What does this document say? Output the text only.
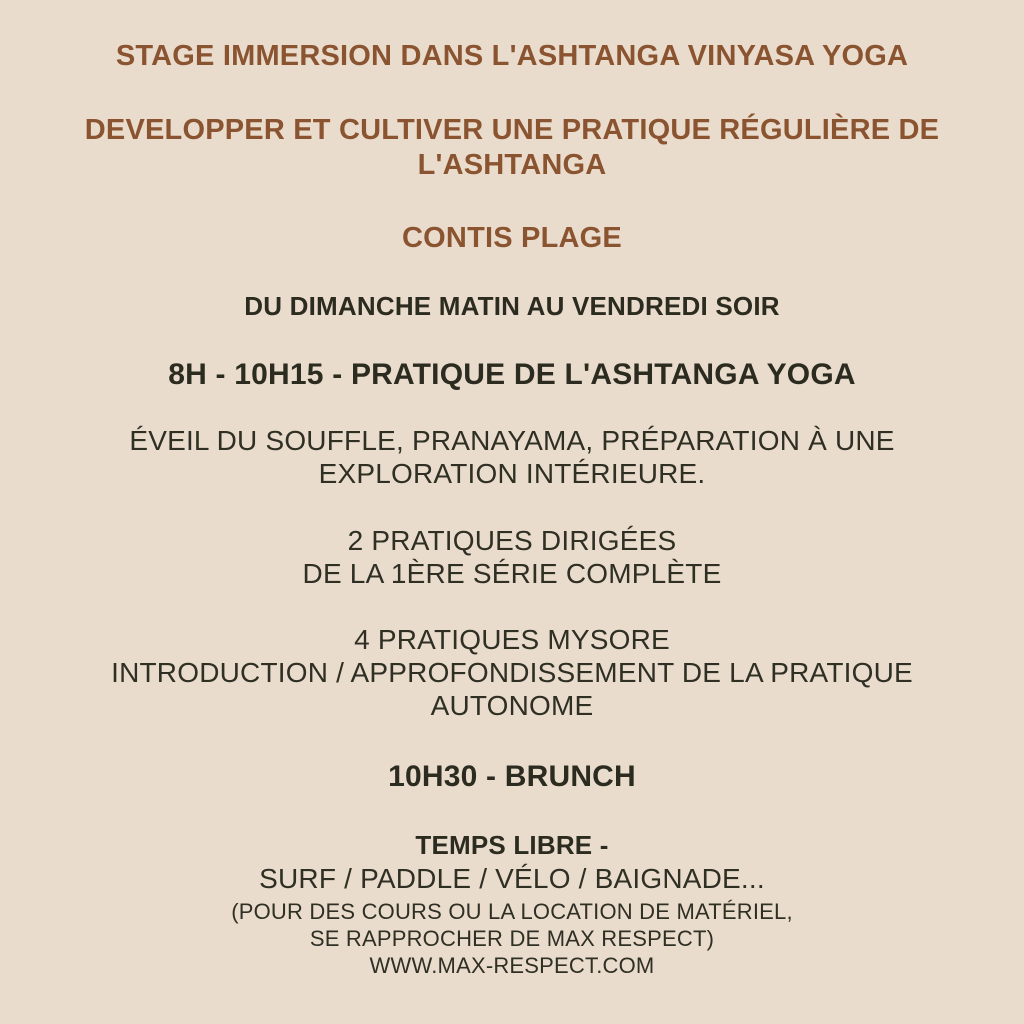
STAGE IMMERSION DANS L'ASHTANGA VINYASA YOGA
DEVELOPPER ET CULTIVER UNE PRATIQUE RÉGULIÈRE DE
L'ASHTANGA
CONTIS PLAGE
DU DIMANCHE MATIN AU VENDREDI SOIR
8H - 10H15 - PRATIQUE DE L'ASHTANGA YOGA
ÉVEIL DU SOUFFLE, PRANAYAMA, PRÉPARATION À UNE
EXPLORATION INTÉRIEURE.
2 PRATIQUES DIRIGÉES
DE LA 1ÈRE SÉRIE COMPLÈTE
4 PRATIQUES MYSORE
INTRODUCTION / APPROFONDISSEMENT DE LA PRATIQUE
AUTONOME
10H30 - BRUNCH
TEMPS LIBRE -
SURF / PADDLE / VÉLO / BAIGNADE...
(POUR DES COURS OU LA LOCATION DE MATÉRIEL,
SE RAPPROCHER DE MAX RESPECT)
WWW.MAX-RESPECT.COM
